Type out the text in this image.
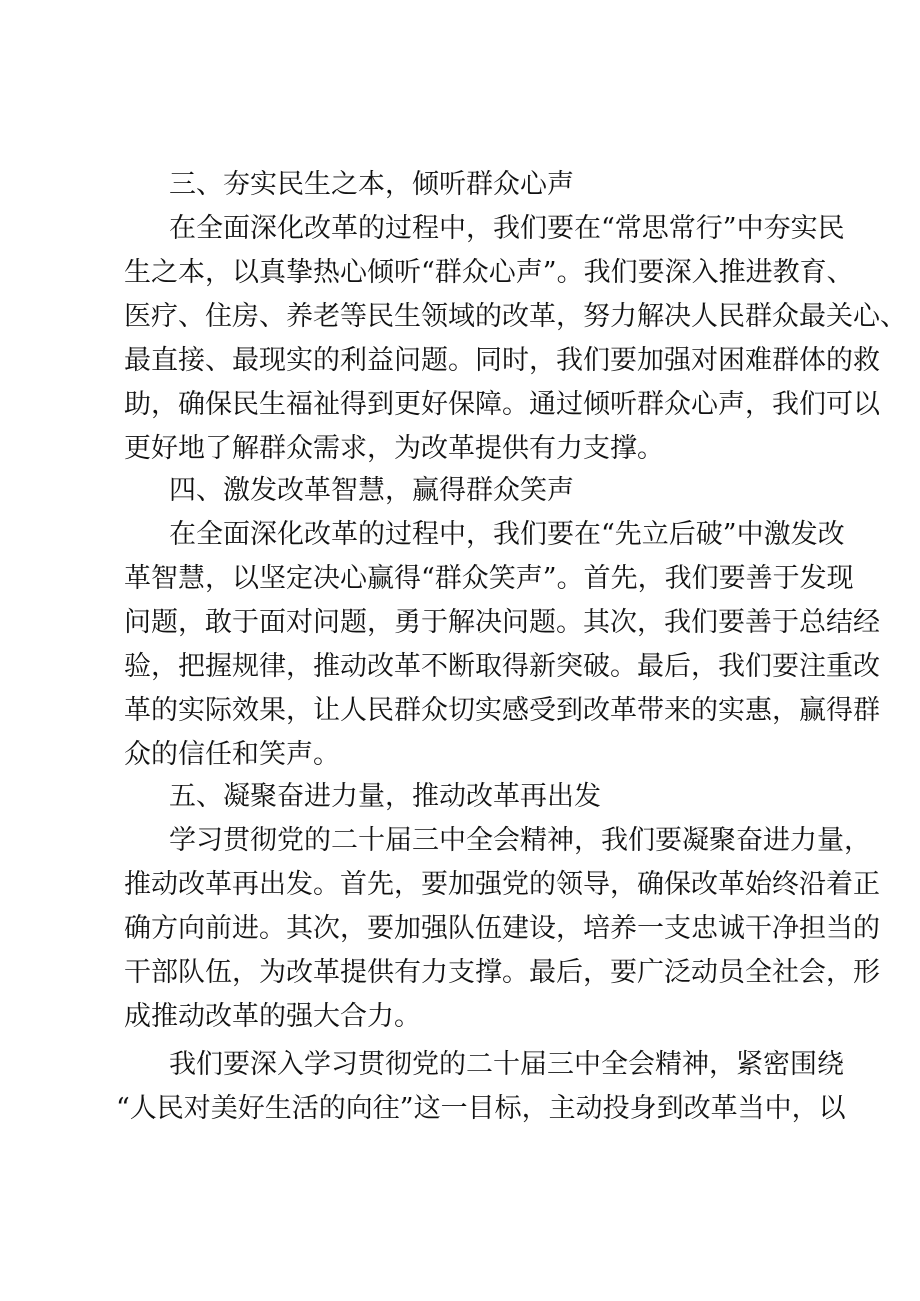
三、夯实民生之本，倾听群众心声
在全面深化改革的过程中，我们要在“常思常行”中夯实民
生之本，以真挚热心倾听“群众心声”。我们要深入推进教育、
医疗、住房、养老等民生领域的改革，努力解决人民群众最关心、
最直接、最现实的利益问题。同时，我们要加强对困难群体的救
助，确保民生福祉得到更好保障。通过倾听群众心声，我们可以
更好地了解群众需求，为改革提供有力支撑。
四、激发改革智慧，赢得群众笑声
在全面深化改革的过程中，我们要在“先立后破”中激发改
革智慧，以坚定决心赢得“群众笑声”。首先，我们要善于发现
问题，敢于面对问题，勇于解决问题。其次，我们要善于总结经
验，把握规律，推动改革不断取得新突破。最后，我们要注重改
革的实际效果，让人民群众切实感受到改革带来的实惠，赢得群
众的信任和笑声。
五、凝聚奋进力量，推动改革再出发
学习贯彻党的二十届三中全会精神，我们要凝聚奋进力量，
推动改革再出发。首先，要加强党的领导，确保改革始终沿着正
确方向前进。其次，要加强队伍建设，培养一支忠诚干净担当的
干部队伍，为改革提供有力支撑。最后，要广泛动员全社会，形
成推动改革的强大合力。
我们要深入学习贯彻党的二十届三中全会精神，紧密围绕
“人民对美好生活的向往”这一目标，主动投身到改革当中，以
